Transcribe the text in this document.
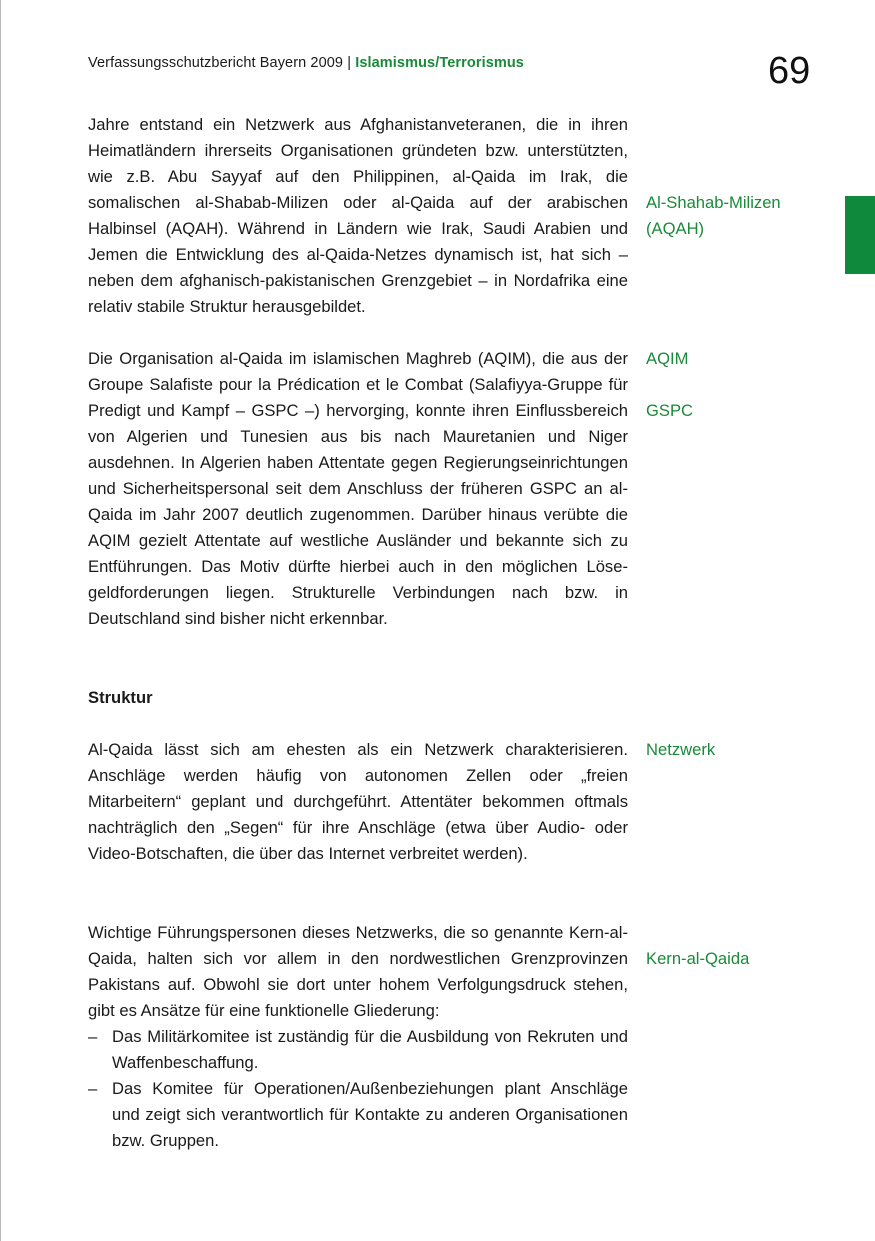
Verfassungsschutzbericht Bayern 2009 | Islamismus/Terrorismus	69

Jahre entstand ein Netzwerk aus Afghanistanveteranen, die in ihren Heimatländern ihrerseits Organisationen gründeten bzw. unterstützten, wie z.B. Abu Sayyaf auf den Philippinen, al-Qaida im Irak, die somalischen al-Shabab-Milizen oder al-Qaida auf der arabischen Halbinsel (AQAH). Während in Ländern wie Irak, Saudi Arabien und Jemen die Entwicklung des al-Qaida-Netzes dynamisch ist, hat sich – neben dem afghanisch-pakistanischen Grenzgebiet – in Nordafrika eine relativ stabile Struktur herausgebildet.

Al-Shahab-Milizen
(AQAH)

Die Organisation al-Qaida im islamischen Maghreb (AQIM), die aus der Groupe Salafiste pour la Prédication et le Combat (Salafiyya-Gruppe für Predigt und Kampf – GSPC –) hervorging, konnte ihren Einflussbereich von Algerien und Tunesien aus bis nach Mauretanien und Niger ausdehnen. In Algerien haben Attentate gegen Regierungseinrichtungen und Sicherheitspersonal seit dem Anschluss der früheren GSPC an al-Qaida im Jahr 2007 deutlich zugenommen. Darüber hinaus verübte die AQIM gezielt Attentate auf westliche Ausländer und bekannte sich zu Entführungen. Das Motiv dürfte hierbei auch in den möglichen Lösegeldforderungen liegen. Strukturelle Verbindungen nach bzw. in Deutschland sind bisher nicht erkennbar.

AQIM
GSPC
Struktur

Al-Qaida lässt sich am ehesten als ein Netzwerk charakterisieren. Anschläge werden häufig von autonomen Zellen oder „freien Mitarbeitern“ geplant und durchgeführt. Attentäter bekommen oftmals nachträglich den „Segen“ für ihre Anschläge (etwa über Audio- oder Video-Botschaften, die über das Internet verbreitet werden).

Netzwerk

Wichtige Führungspersonen dieses Netzwerks, die so genannte Kern-al-Qaida, halten sich vor allem in den nordwestlichen Grenzprovinzen Pakistans auf. Obwohl sie dort unter hohem Verfolgungsdruck stehen, gibt es Ansätze für eine funktionelle Gliederung:

– Das Militärkomitee ist zuständig für die Ausbildung von Rekruten und Waffenbeschaffung.
– Das Komitee für Operationen/Außenbeziehungen plant Anschläge und zeigt sich verantwortlich für Kontakte zu anderen Organisationen bzw. Gruppen.
Kern-al-Qaida
